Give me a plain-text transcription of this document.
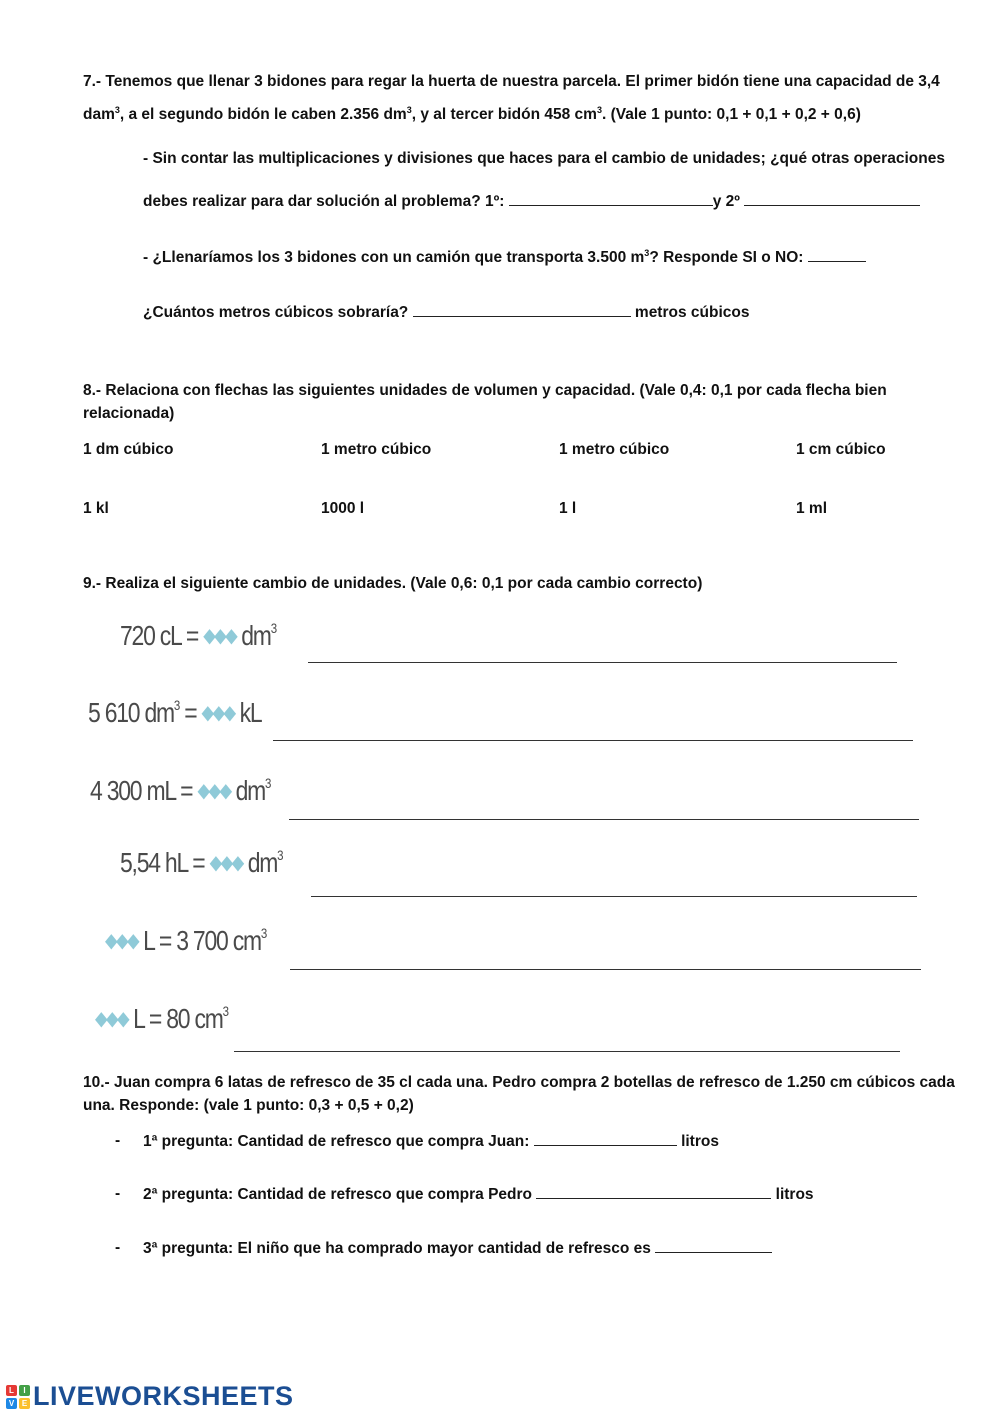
7.- Tenemos que llenar 3 bidones para regar la huerta de nuestra parcela. El primer bidón tiene una capacidad de 3,4
dam$^3$, a el segundo bidón le caben 2.356 $dm^3$, y al tercer bidón 458 $cm^3$. (Vale 1 punto: 0,1 + 0,1 + 0,2 + 0,6)
- Sin contar las multiplicaciones y divisiones que haces para el cambio de unidades; ¿qué otras operaciones
debes realizar para dar solución al problema? 1º:	y 2º
- ¿Llenaríamos los 3 bidones con un camión que transporta 3.500 $m^3$? Responde SI o NO:
¿Cuántos metros cúbicos sobraría?	metros cúbicos
8.- Relaciona con flechas las siguientes unidades de volumen y capacidad. (Vale 0,4: 0,1 por cada flecha bien
relacionada)
1 dm cúbico	1 metro cúbico	1 metro cúbico	1 cm cúbico
1 kl	1000 l	1 l	1 ml
9.- Realiza el siguiente cambio de unidades. (Vale 0,6: 0,1 por cada cambio correcto)
720 cL = ◆◆◆ $dm^3$
5 610 $dm^3$ = ◆◆◆ kL
4 300 mL = ◆◆◆ $dm^3$
5,54 hL = ◆◆◆ $dm^3$
◆◆◆ L = 3 700 $cm^3$
◆◆◆ L = 80 $cm^3$
10.- Juan compra 6 latas de refresco de 35 cl cada una. Pedro compra 2 botellas de refresco de 1.250 cm cúbicos cada
una. Responde: (vale 1 punto: 0,3 + 0,5 + 0,2)
- 1ª pregunta: Cantidad de refresco que compra Juan:	litros
- 2ª pregunta: Cantidad de refresco que compra Pedro	litros
- 3ª pregunta: El niño que ha comprado mayor cantidad de refresco es
L	I
V E LIVEWORKSHEETS
